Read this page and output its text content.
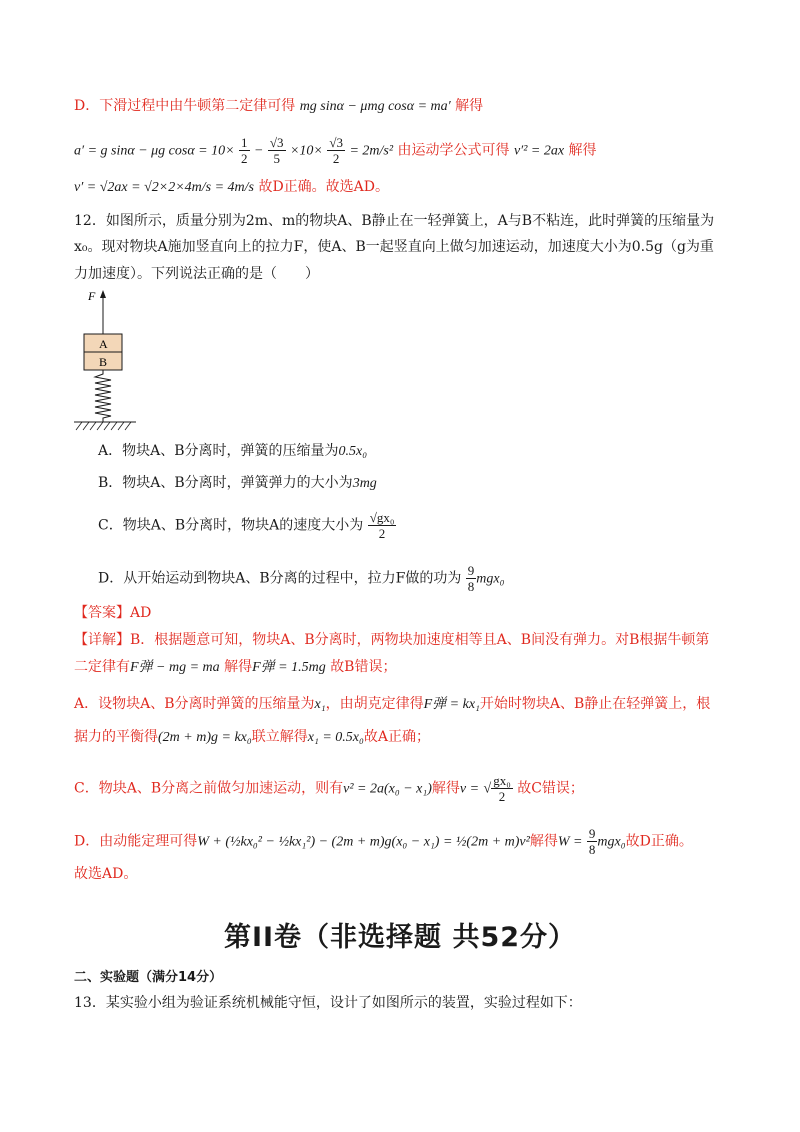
D．下滑过程中由牛顿第二定律可得 mg sinα − μmg cosα = ma′ 解得
a′ = g sinα − μg $\cos\alpha = 10\times \frac{1}{2} - \frac{√3}{5} \times 10\times \frac{√3}{2} = 2m/s^2$ 由运动学公式可得 v′² = 2ax 解得
v′ = √2ax = √2×2×4m/s = 4m/s 故D正确。故选AD。
12．如图所示，质量分别为2m、m的物块A、B静止在一轻弹簧上，A与B不粘连，此时弹簧的压缩量为
x₀。现对物块A施加竖直向上的拉力F，使A、B一起竖直向上做匀加速运动，加速度大小为0.5g（g为重
力加速度）。下列说法正确的是（　　）
F
A
B
A．物块A、B分离时，弹簧的压缩量为0.5x₀
B．物块A、B分离时，弹簧弹力的大小为3mg
C．物块A、B分离时，物块A的速度大小为 $\frac{\text{√gx₀}}{2}$
D．从开始运动到物块A、B分离的过程中，拉力F做的功为 $\frac{9}{8} mgx_0$
【答案】AD
【详解】B．根据题意可知，物块A、B分离时，两物块加速度相等且A、B间没有弹力。对B根据牛顿第
二定律有F弹 − mg = ma 解得F弹 = 1.5mg 故B错误；
A．设物块A、B分离时弹簧的压缩量为x₁，由胡克定律得F弹 = kx₁开始时物块A、B静止在轻弹簧上，根
据力的平衡得(2m + m)g = kx₀联立解得x₁ = 0.5x₀故A正确；
C．物块A、B分离之前做匀加速运动，则有v² = 2a(x₀ − x₁)解得v = √ $\frac{\text{gx₀}}{2}$ 故C错误；
D．由动能定理可得W + (½kx₀² − ½kx₁²) − (2m + m)g(x₀ − x₁) = ½(2m + m)v²解得$W = \frac{9}{8} mgx_0$故D正确。
故选AD。
第II卷（非选择题 共52分）
二、实验题（满分14分）
13．某实验小组为验证系统机械能守恒，设计了如图所示的装置，实验过程如下：
